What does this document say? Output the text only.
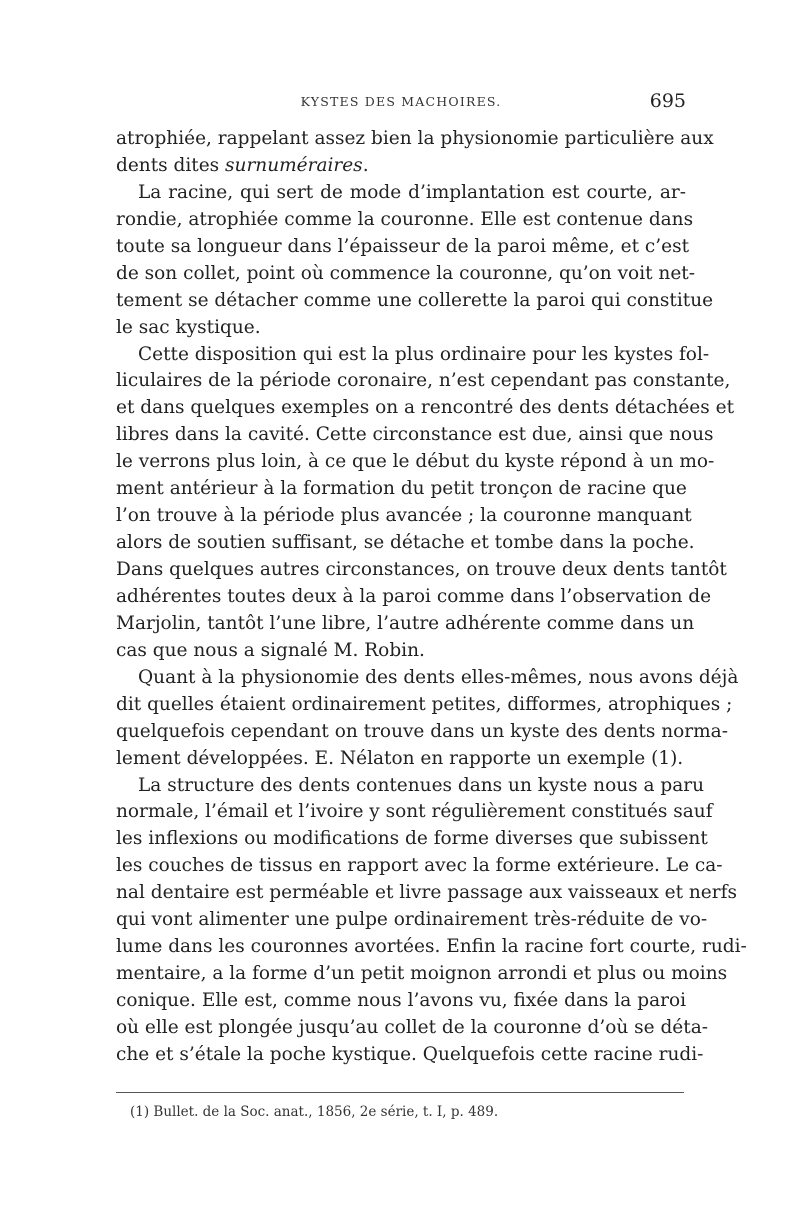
KYSTES DES MACHOIRES.	695
atrophiée, rappelant assez bien la physionomie particulière aux
dents dites surnuméraires.
La racine, qui sert de mode d’implantation est courte, ar-
rondie, atrophiée comme la couronne. Elle est contenue dans
toute sa longueur dans l’épaisseur de la paroi même, et c’est
de son collet, point où commence la couronne, qu’on voit net-
tement se détacher comme une collerette la paroi qui constitue
le sac kystique.
Cette disposition qui est la plus ordinaire pour les kystes fol-
liculaires de la période coronaire, n’est cependant pas constante,
et dans quelques exemples on a rencontré des dents détachées et
libres dans la cavité. Cette circonstance est due, ainsi que nous
le verrons plus loin, à ce que le début du kyste répond à un mo-
ment antérieur à la formation du petit tronçon de racine que
l’on trouve à la période plus avancée ; la couronne manquant
alors de soutien suffisant, se détache et tombe dans la poche.
Dans quelques autres circonstances, on trouve deux dents tantôt
adhérentes toutes deux à la paroi comme dans l’observation de
Marjolin, tantôt l’une libre, l’autre adhérente comme dans un
cas que nous a signalé M. Robin.
Quant à la physionomie des dents elles-mêmes, nous avons déjà
dit quelles étaient ordinairement petites, difformes, atrophiques ;
quelquefois cependant on trouve dans un kyste des dents norma-
lement développées. E. Nélaton en rapporte un exemple (1).
La structure des dents contenues dans un kyste nous a paru
normale, l’émail et l’ivoire y sont régulièrement constitués sauf
les inflexions ou modifications de forme diverses que subissent
les couches de tissus en rapport avec la forme extérieure. Le ca-
nal dentaire est perméable et livre passage aux vaisseaux et nerfs
qui vont alimenter une pulpe ordinairement très-réduite de vo-
lume dans les couronnes avortées. Enfin la racine fort courte, rudi-
mentaire, a la forme d’un petit moignon arrondi et plus ou moins
conique. Elle est, comme nous l’avons vu, fixée dans la paroi
où elle est plongée jusqu’au collet de la couronne d’où se déta-
che et s’étale la poche kystique. Quelquefois cette racine rudi-
(1) Bullet. de la Soc. anat., 1856, 2e série, t. I, p. 489.
